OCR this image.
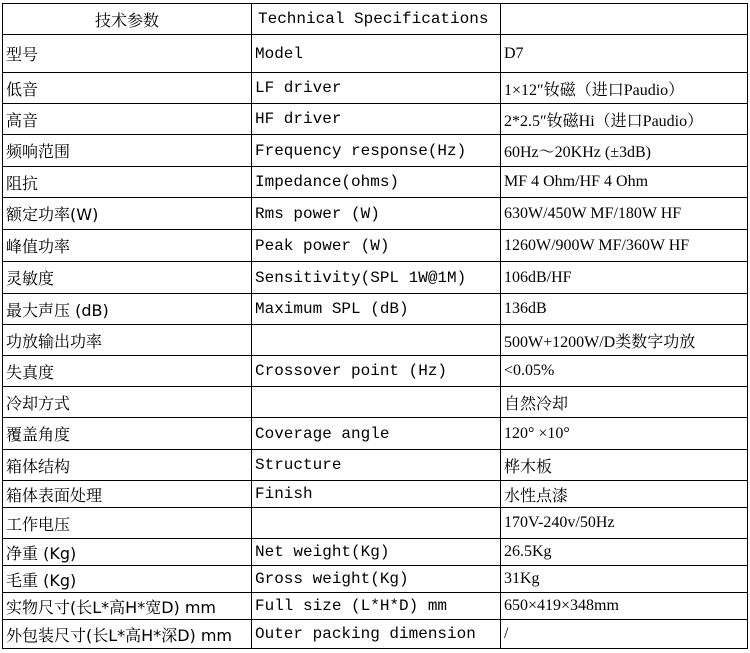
技术参数	Technical Specifications	
型号	Model	D7
低音	LF driver	1×12″钕磁（进口Paudio）
高音	HF driver	2*2.5″钕磁Hi（进口Paudio）
频响范围	Frequency response(Hz)	60Hz～20KHz (±3dB)
阻抗	Impedance(ohms)	MF 4 Ohm/HF 4 Ohm
额定功率(W)	Rms power (W)	630W/450W MF/180W HF
峰值功率	Peak power (W)	1260W/900W MF/360W HF
灵敏度	Sensitivity(SPL 1W@1M)	106dB/HF
最大声压 (dB)	Maximum SPL (dB)	136dB
功放输出功率		500W+1200W/D类数字功放
失真度	Crossover point (Hz)	<0.05%
冷却方式		自然冷却
覆盖角度	Coverage angle	120° ×10°
箱体结构	Structure	桦木板
箱体表面处理	Finish	水性点漆
工作电压		170V-240v/50Hz
净重 (Kg)	Net weight(Kg)	26.5Kg
毛重 (Kg)	Gross weight(Kg)	31Kg
实物尺寸(长L*高H*宽D) mm	Full size (L*H*D) mm	650×419×348mm
外包装尺寸(长L*高H*深D) mm	Outer packing dimension	/
